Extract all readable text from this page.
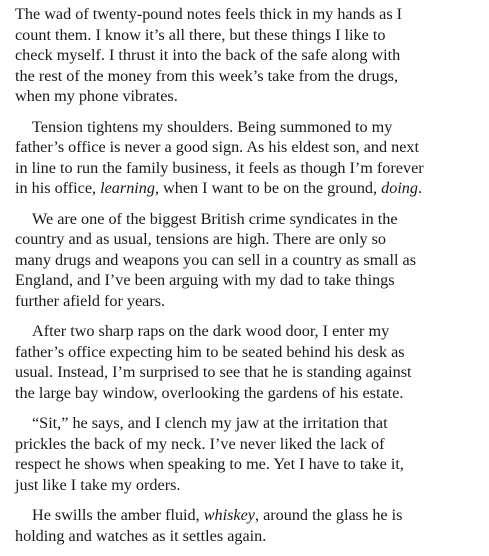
The wad of twenty-pound notes feels thick in my hands as I
count them. I know it’s all there, but these things I like to
check myself. I thrust it into the back of the safe along with
the rest of the money from this week’s take from the drugs,
when my phone vibrates.

Tension tightens my shoulders. Being summoned to my
father’s office is never a good sign. As his eldest son, and next
in line to run the family business, it feels as though I’m forever
in his office, learning, when I want to be on the ground, doing.

We are one of the biggest British crime syndicates in the
country and as usual, tensions are high. There are only so
many drugs and weapons you can sell in a country as small as
England, and I’ve been arguing with my dad to take things
further afield for years.

After two sharp raps on the dark wood door, I enter my
father’s office expecting him to be seated behind his desk as
usual. Instead, I’m surprised to see that he is standing against
the large bay window, overlooking the gardens of his estate.

“Sit,” he says, and I clench my jaw at the irritation that
prickles the back of my neck. I’ve never liked the lack of
respect he shows when speaking to me. Yet I have to take it,
just like I take my orders.

He swills the amber fluid, whiskey, around the glass he is
holding and watches as it settles again.
